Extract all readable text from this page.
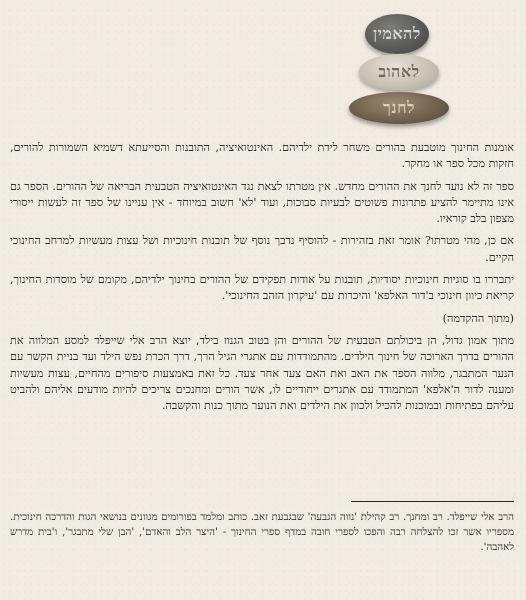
להאמין
לאהוב
לחנך

אומנות החינוך מוטבעת בהורים משחר לידת ילדיהם. האינטואיציה, התובנות והסייעתא דשמיא השמורות להורים, חזקות מכל ספר או מחקר.

ספר זה לא נועד לחנך את ההורים מחדש. אין מטרתו לצאת נגד האינטואיציה הטבעית הבריאה של ההורים. הספר גם אינו מתיימר להציע פתרונות פשוטים לבעיות סבוכות, ועוד 'לא' חשוב במיוחד - אין עניינו של ספר זה לעשות ייסורי מצפון בלב קוראיו.

אם כן, מהי מטרתו? אומר זאת בזהירות - להוסיף נדבך נוסף של תובנות חינוכיות ושל עצות מעשיות למרחב החינוכי הקיים.

יתבררו בו סוגיות חינוכיות יסודיות, תובנות על אודות תפקידם של ההורים בחינוך ילדיהם, מקומם של מוסדות החינוך, קריאת כיוון חינוכי ב'דור האלפא' והיכרות עם 'עיקרון הזהב החינוכי'.

(מתוך ההקדמה)

מתוך אמון גדול, הן ביכולתם הטבעית של ההורים והן בטוב הגנוז בילד, יוצא הרב אלי שייפלד למסע המלווה את ההורים בדרך הארוכה של חינוך הילדים. מהתמודדות עם אתגרי הגיל הרך, דרך הכרת נפש הילד ועד בניית הקשר עם הנער המתבגר, מלווה הספר את האב ואת האם צעד אחר צעד. כל זאת באמצעות סיפורים מהחיים, עצות מעשיות ומענה לדור ה'אלפא' המתמודד עם אתגרים ייחודיים לו, אשר הורים ומחנכים צריכים להיות מודעים אליהם ולהביט עליהם בפתיחות ובמוכנות להכיל ולכוון את הילדים ואת הנוער מתוך כנות והקשבה.

הרב אלי שייפלד. רב ומחנך. רב קהילת 'נווה הגבעה' שבגבעת זאב. כותב ומלמד בפורומים מגוונים בנושאי הגות והדרכה חינוכית. מספריו אשר זכו להצלחה רבה והפכו לספרי חובה במדף ספרי החינוך - 'היצר הלב והאדם', 'הבן שלי מתבגר', ו'בית מדרש לאהבה'.
